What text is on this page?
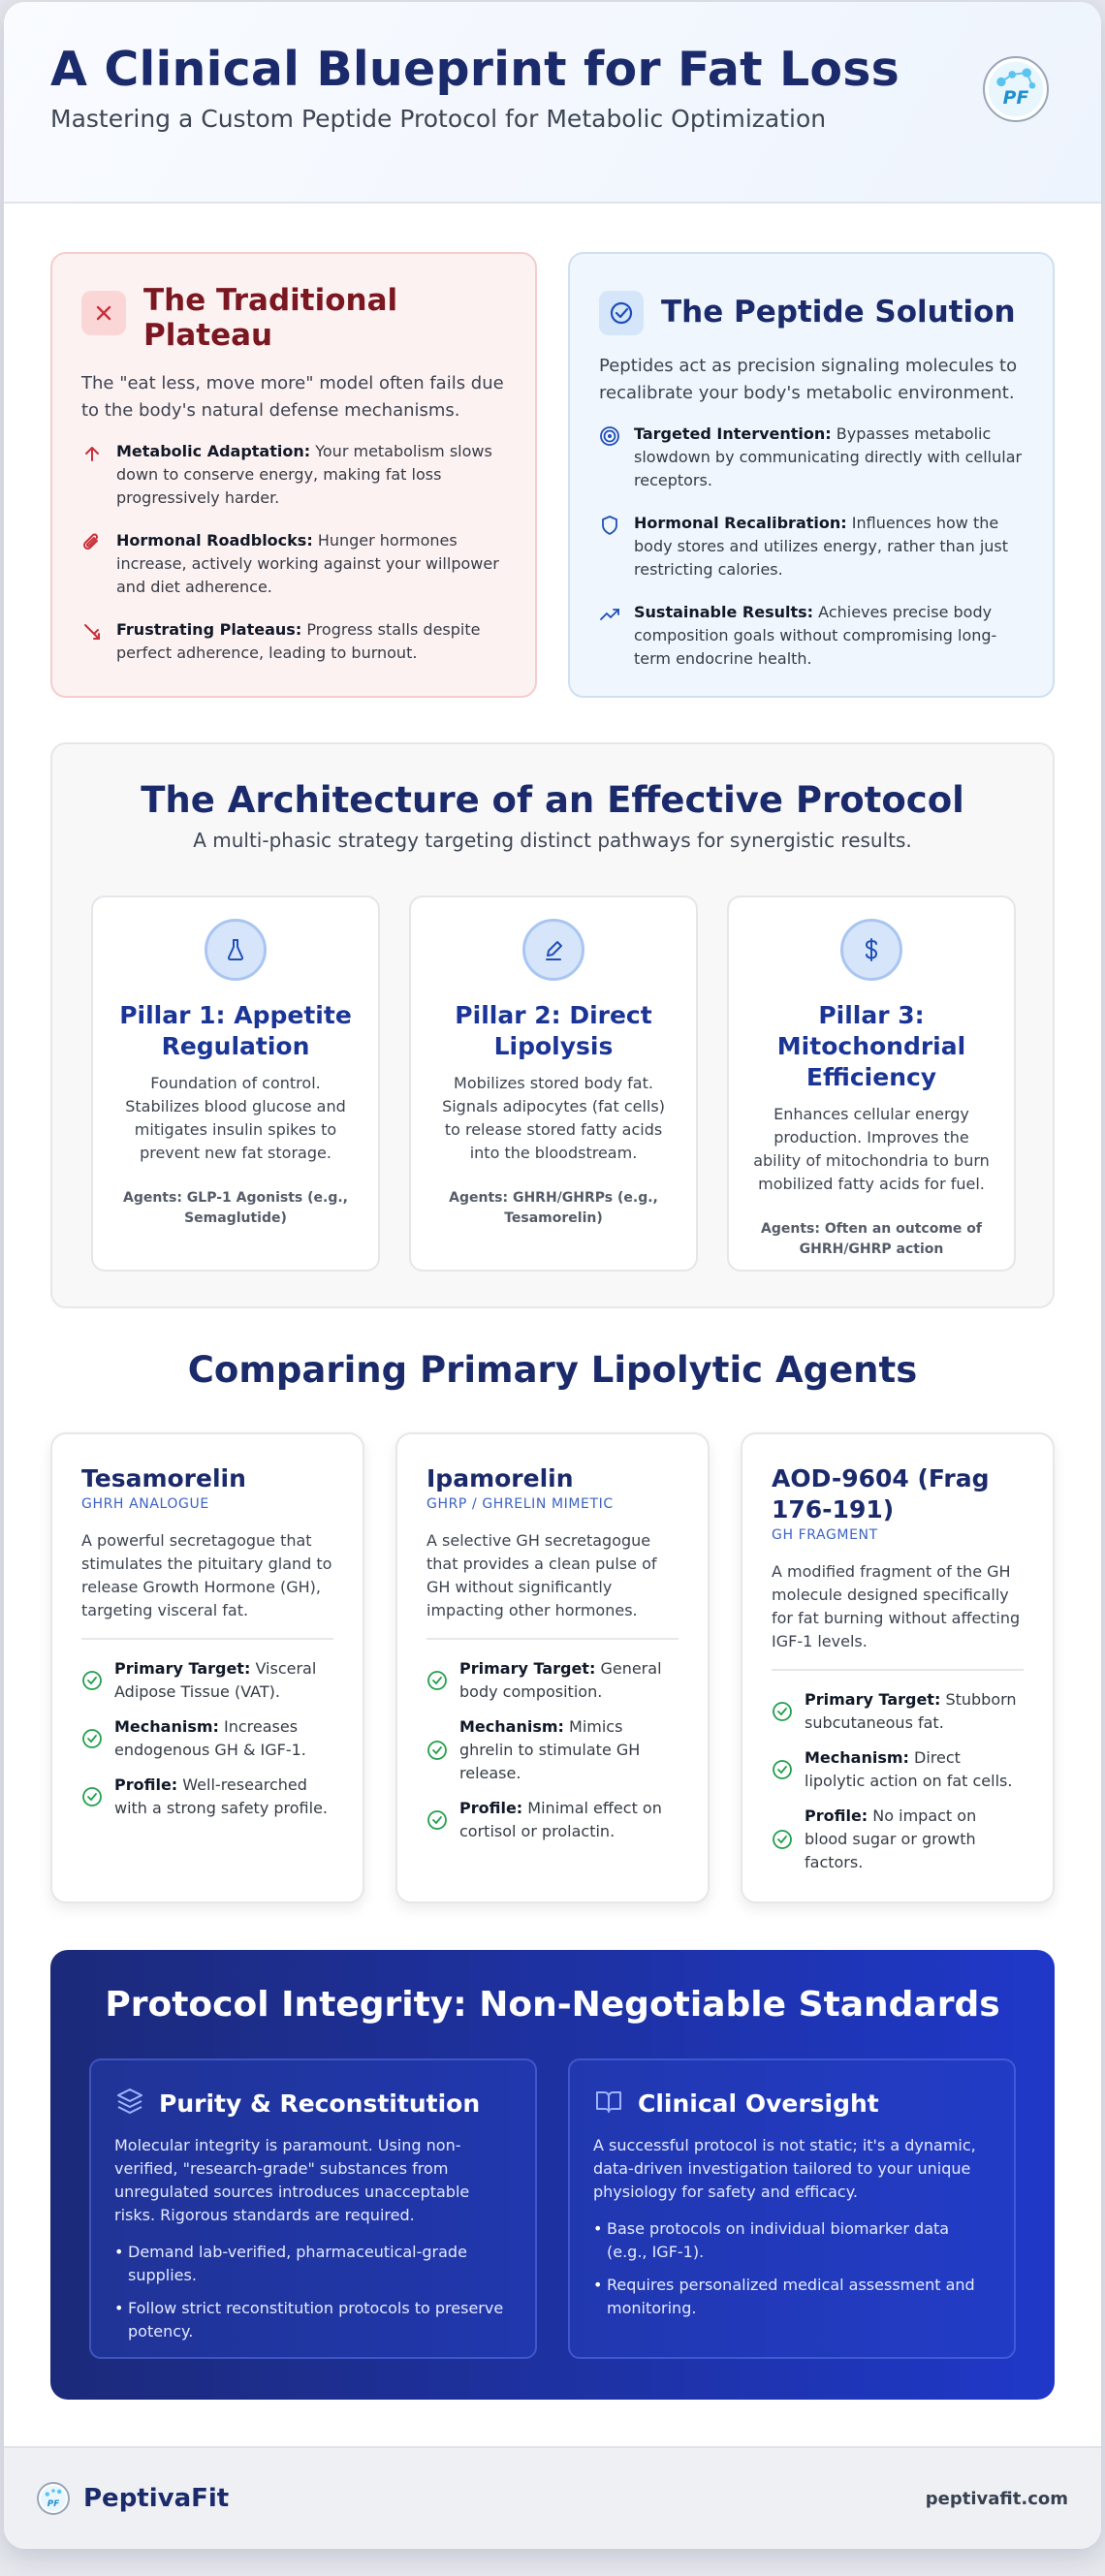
A Clinical Blueprint for Fat Loss
Mastering a Custom Peptide Protocol for Metabolic Optimization
PF
The Traditional Plateau

The "eat less, move more" model often fails due to the body's natural defense mechanisms.

Metabolic Adaptation: Your metabolism slows down to conserve energy, making fat loss progressively harder.
Hormonal Roadblocks: Hunger hormones increase, actively working against your willpower and diet adherence.
Frustrating Plateaus: Progress stalls despite perfect adherence, leading to burnout.
The Peptide Solution

Peptides act as precision signaling molecules to recalibrate your body's metabolic environment.

Targeted Intervention: Bypasses metabolic slowdown by communicating directly with cellular receptors.
Hormonal Recalibration: Influences how the body stores and utilizes energy, rather than just restricting calories.
Sustainable Results: Achieves precise body composition goals without compromising long-term endocrine health.
The Architecture of an Effective Protocol

A multi-phasic strategy targeting distinct pathways for synergistic results.

Pillar 1: Appetite Regulation

Foundation of control. Stabilizes blood glucose and mitigates insulin spikes to prevent new fat storage.

Agents: GLP-1 Agonists (e.g., Semaglutide)

Pillar 2: Direct Lipolysis

Mobilizes stored body fat. Signals adipocytes (fat cells) to release stored fatty acids into the bloodstream.

Agents: GHRH/GHRPs (e.g., Tesamorelin)

Pillar 3: Mitochondrial Efficiency

Enhances cellular energy production. Improves the ability of mitochondria to burn mobilized fatty acids for fuel.

Agents: Often an outcome of GHRH/GHRP action

Comparing Primary Lipolytic Agents
Tesamorelin
GHRH ANALOGUE

A powerful secretagogue that stimulates the pituitary gland to release Growth Hormone (GH), targeting visceral fat.

Primary Target: Visceral Adipose Tissue (VAT).
Mechanism: Increases endogenous GH & IGF-1.
Profile: Well-researched with a strong safety profile.
Ipamorelin
GHRP / GHRELIN MIMETIC

A selective GH secretagogue that provides a clean pulse of GH without significantly impacting other hormones.

Primary Target: General body composition.
Mechanism: Mimics ghrelin to stimulate GH release.
Profile: Minimal effect on cortisol or prolactin.
AOD-9604 (Frag 176-191)
GH FRAGMENT

A modified fragment of the GH molecule designed specifically for fat burning without affecting IGF-1 levels.

Primary Target: Stubborn subcutaneous fat.
Mechanism: Direct lipolytic action on fat cells.
Profile: No impact on blood sugar or growth factors.
Protocol Integrity: Non-Negotiable Standards
Purity & Reconstitution

Molecular integrity is paramount. Using non-verified, "research-grade" substances from unregulated sources introduces unacceptable risks. Rigorous standards are required.

• Demand lab-verified, pharmaceutical-grade supplies.
• Follow strict reconstitution protocols to preserve potency.
Clinical Oversight

A successful protocol is not static; it's a dynamic, data-driven investigation tailored to your unique physiology for safety and efficacy.

• Base protocols on individual biomarker data (e.g., IGF-1).
• Requires personalized medical assessment and monitoring.
PF PeptivaFit	peptivafit.com
